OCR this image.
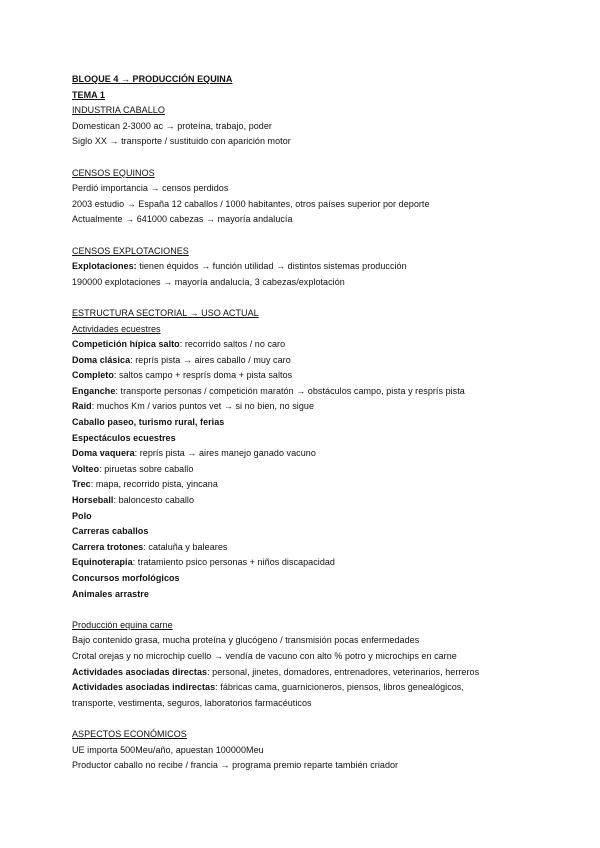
BLOQUE 4 → PRODUCCIÓN EQUINA
TEMA 1
INDUSTRIA CABALLO
Domestican 2-3000 ac → proteína, trabajo, poder
Siglo XX → transporte / sustituido con aparición motor
CENSOS EQUINOS
Perdió importancia → censos perdidos
2003 estudio → España 12 caballos / 1000 habitantes, otros países superior por deporte
Actualmente → 641000 cabezas → mayoría andalucía
CENSOS EXPLOTACIONES
Explotaciones: tienen équidos → función utilidad → distintos sistemas producción
190000 explotaciones → mayoría andalucía, 3 cabezas/explotación
ESTRUCTURA SECTORIAL → USO ACTUAL
Actividades ecuestres
Competición hípica salto: recorrido saltos / no caro
Doma clásica: reprís pista → aires caballo / muy caro
Completo: saltos campo + resprís doma + pista saltos
Enganche: transporte personas / competición maratón → obstáculos campo, pista y resprís pista
Raid: muchos Km / varios puntos vet → si no bien, no sigue
Caballo paseo, turismo rural, ferias
Espectáculos ecuestres
Doma vaquera: reprís pista → aires manejo ganado vacuno
Volteo: piruetas sobre caballo
Trec: mapa, recorrido pista, yincana
Horseball: baloncesto caballo
Polo
Carreras caballos
Carrera trotones: cataluña y baleares
Equinoterapia: tratamiento psico personas + niños discapacidad
Concursos morfológicos
Animales arrastre
Producción equina carne
Bajo contenido grasa, mucha proteína y glucógeno / transmisión pocas enfermedades
Crotal orejas y no microchip cuello → vendía de vacuno con alto % potro y microchips en carne
Actividades asociadas directas: personal, jinetes, domadores, entrenadores, veterinarios, herreros
Actividades asociadas indirectas: fábricas cama, guarnicioneros, piensos, libros genealógicos,
transporte, vestimenta, seguros, laboratorios farmacéuticos
ASPECTOS ECONÓMICOS
UE importa 500Meu/año, apuestan 100000Meu
Productor caballo no recibe / francia → programa premio reparte también criador
